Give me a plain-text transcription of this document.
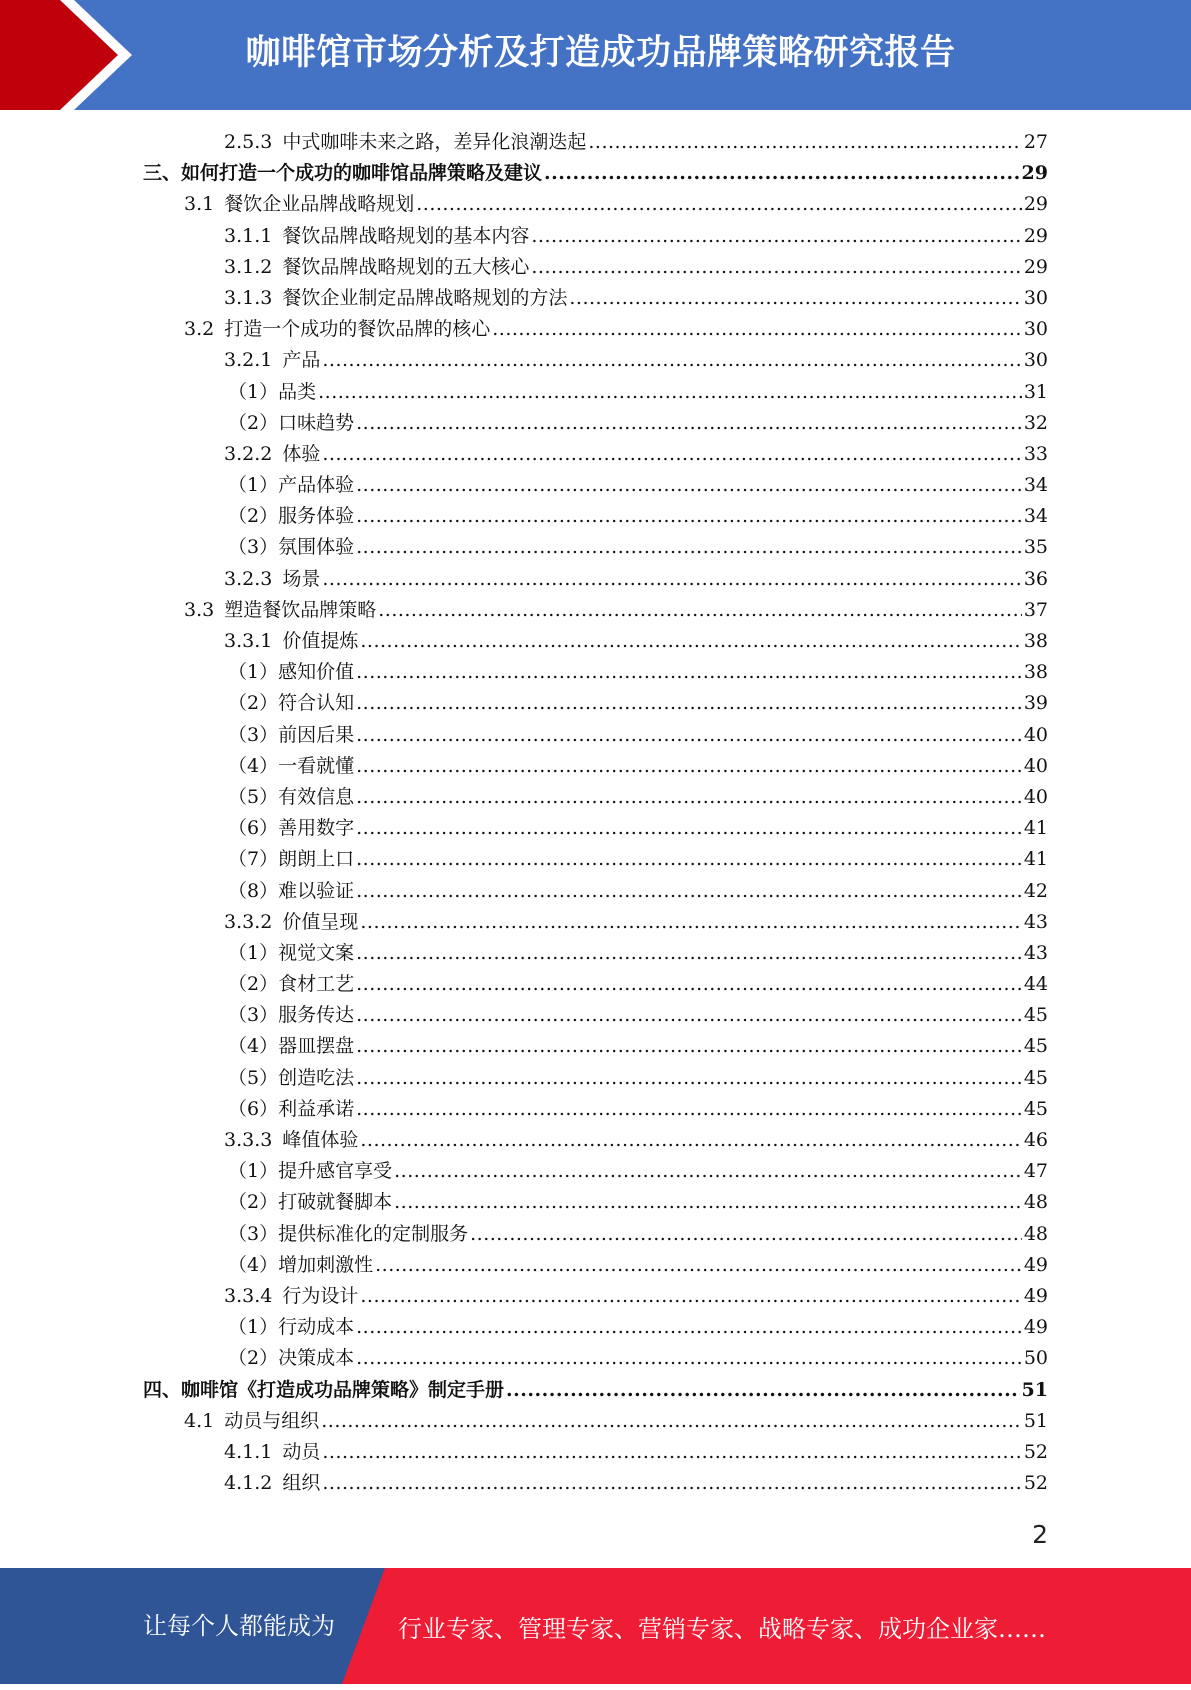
咖啡馆市场分析及打造成功品牌策略研究报告
2.5.3 中式咖啡未来之路，差异化浪潮迭起 .....	27
三、 如何打造一个成功的咖啡馆品牌策略及建议 .....	29
3.1 餐饮企业品牌战略规划 .....	29
3.1.1 餐饮品牌战略规划的基本内容 .....	29
3.1.2 餐饮品牌战略规划的五大核心 .....	29
3.1.3 餐饮企业制定品牌战略规划的方法 .....	30
3.2 打造一个成功的餐饮品牌的核心 .....	30
3.2.1 产品 .....	30
（1） 品类 .....	31
（2） 口味趋势 .....	32
3.2.2 体验 .....	33
（1） 产品体验 .....	34
（2） 服务体验 .....	34
（3） 氛围体验 .....	35
3.2.3 场景 .....	36
3.3 塑造餐饮品牌策略 .....	37
3.3.1 价值提炼 .....	38
（1） 感知价值 .....	38
（2） 符合认知 .....	39
（3） 前因后果 .....	40
（4） 一看就懂 .....	40
（5） 有效信息 .....	40
（6） 善用数字 .....	41
（7） 朗朗上口 .....	41
（8） 难以验证 .....	42
3.3.2 价值呈现 .....	43
（1） 视觉文案 .....	43
（2） 食材工艺 .....	44
（3） 服务传达 .....	45
（4） 器皿摆盘 .....	45
（5） 创造吃法 .....	45
（6） 利益承诺 .....	45
3.3.3 峰值体验 .....	46
（1） 提升感官享受 .....	47
（2） 打破就餐脚本 .....	48
（3） 提供标准化的定制服务 .....	48
（4） 增加刺激性 .....	49
3.3.4 行为设计 .....	49
（1） 行动成本 .....	49
（2） 决策成本 .....	50
四、 咖啡馆《打造成功品牌策略》制定手册 .....	51
4.1 动员与组织 .....	51
4.1.1 动员 .....	52
4.1.2 组织 .....	52
2
让每个人都能成为	行业专家、管理专家、营销专家、战略专家、成功企业家……
